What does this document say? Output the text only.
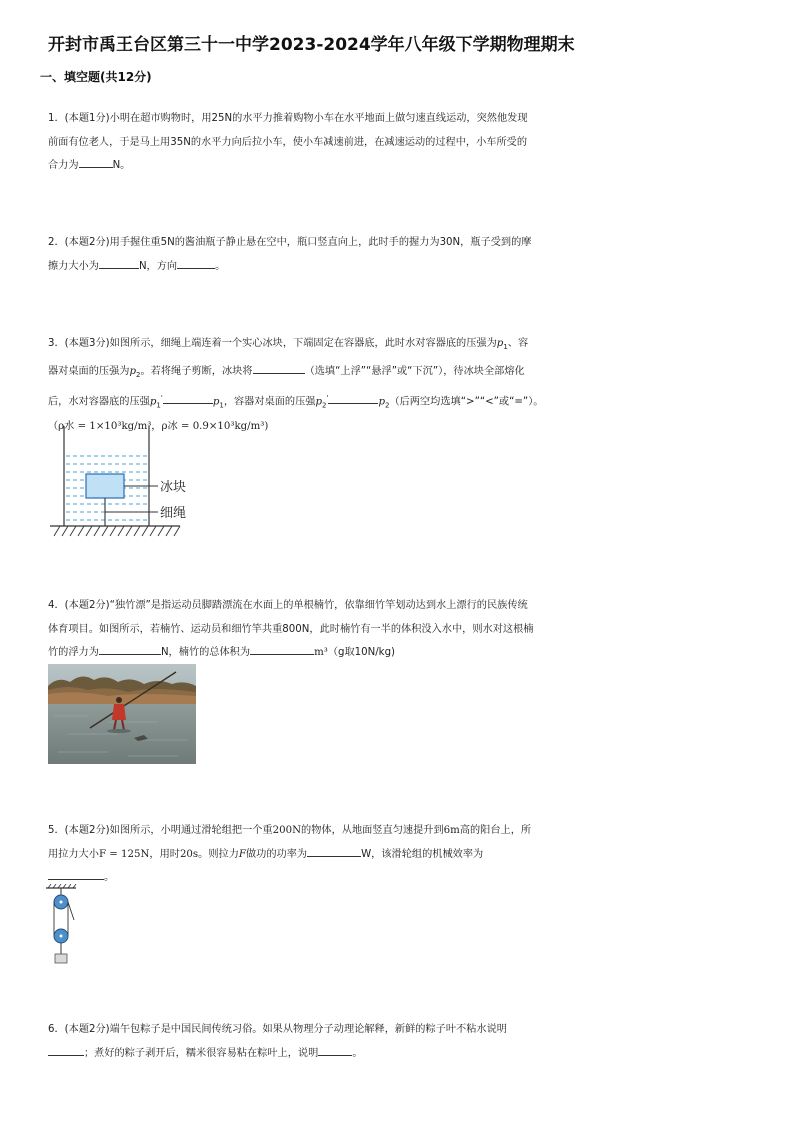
开封市禹王台区第三十一中学2023-2024学年八年级下学期物理期末
一、填空题(共12分)
1．(本题1分)小明在超市购物时，用25N的水平力推着购物小车在水平地面上做匀速直线运动，突然他发现
前面有位老人，于是马上用35N的水平力向后拉小车，使小车减速前进，在减速运动的过程中，小车所受的
合力为	N。
2．(本题2分)用手握住重5N的酱油瓶子静止悬在空中，瓶口竖直向上，此时手的握力为30N，瓶子受到的摩
擦力大小为	N，方向	。
3．(本题3分)如图所示，细绳上端连着一个实心冰块，下端固定在容器底，此时水对容器底的压强为$p_1$、容
器对桌面的压强为$p_2$。若将绳子剪断，冰块将	（选填“上浮”“悬浮”或“下沉”），待冰块全部熔化
后，水对容器底的压强$p_1'$	$p_1$，容器对桌面的压强$p_2'$	$p_2$（后两空均选填“>”“<”或“=”）。
（ρ水 = 1×10³kg/m³，ρ冰 = 0.9×10³kg/m³)
冰块
细绳
4．(本题2分)“独竹漂”是指运动员脚踏漂流在水面上的单根楠竹，依靠细竹竿划动达到水上漂行的民族传统
体育项目。如图所示，若楠竹、运动员和细竹竿共重800N，此时楠竹有一半的体积没入水中，则水对这根楠
竹的浮力为	N，楠竹的总体积为	m³（g取10N/kg)
5．(本题2分)如图所示，小明通过滑轮组把一个重200N的物体，从地面竖直匀速提升到6m高的阳台上，所
用拉力大小F = 125N，用时20s。则拉力F做功的功率为	W，该滑轮组的机械效率为
。
6．(本题2分)端午包粽子是中国民间传统习俗。如果从物理分子动理论解释，新鲜的粽子叶不粘水说明
；煮好的粽子剥开后，糯米很容易粘在粽叶上，说明	。
